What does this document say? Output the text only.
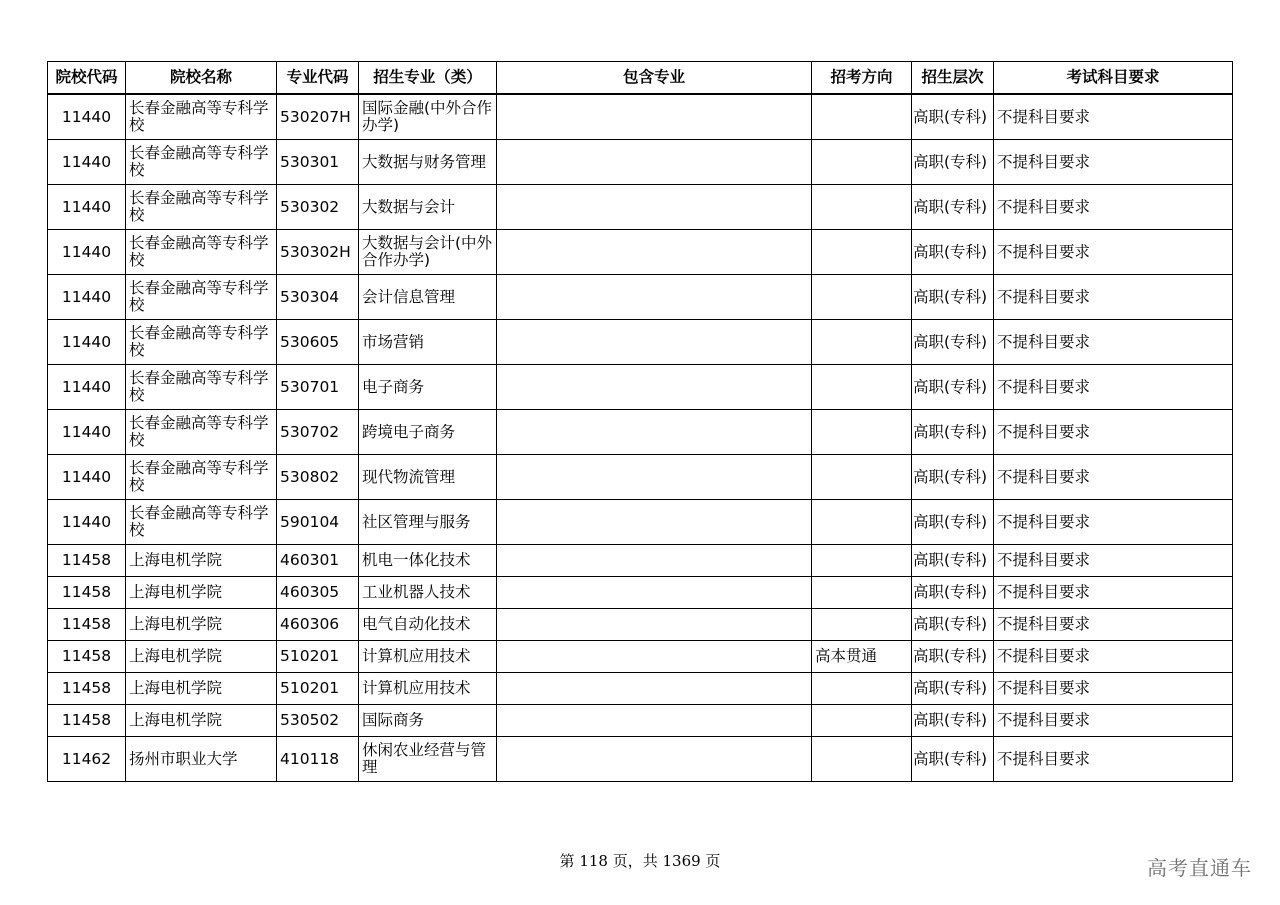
院校代码	院校名称	专业代码	招生专业（类）	包含专业	招考方向	招生层次	考试科目要求
11440	长春金融高等专科学校	530207H	国际金融(中外合作办学)			高职(专科)	不提科目要求
11440	长春金融高等专科学校	530301	大数据与财务管理			高职(专科)	不提科目要求
11440	长春金融高等专科学校	530302	大数据与会计			高职(专科)	不提科目要求
11440	长春金融高等专科学校	530302H	大数据与会计(中外合作办学)			高职(专科)	不提科目要求
11440	长春金融高等专科学校	530304	会计信息管理			高职(专科)	不提科目要求
11440	长春金融高等专科学校	530605	市场营销			高职(专科)	不提科目要求
11440	长春金融高等专科学校	530701	电子商务			高职(专科)	不提科目要求
11440	长春金融高等专科学校	530702	跨境电子商务			高职(专科)	不提科目要求
11440	长春金融高等专科学校	530802	现代物流管理			高职(专科)	不提科目要求
11440	长春金融高等专科学校	590104	社区管理与服务			高职(专科)	不提科目要求
11458	上海电机学院	460301	机电一体化技术			高职(专科)	不提科目要求
11458	上海电机学院	460305	工业机器人技术			高职(专科)	不提科目要求
11458	上海电机学院	460306	电气自动化技术			高职(专科)	不提科目要求
11458	上海电机学院	510201	计算机应用技术		高本贯通	高职(专科)	不提科目要求
11458	上海电机学院	510201	计算机应用技术			高职(专科)	不提科目要求
11458	上海电机学院	530502	国际商务			高职(专科)	不提科目要求
11462	扬州市职业大学	410118	休闲农业经营与管理			高职(专科)	不提科目要求
第 118 页，共 1369 页	高考直通车
